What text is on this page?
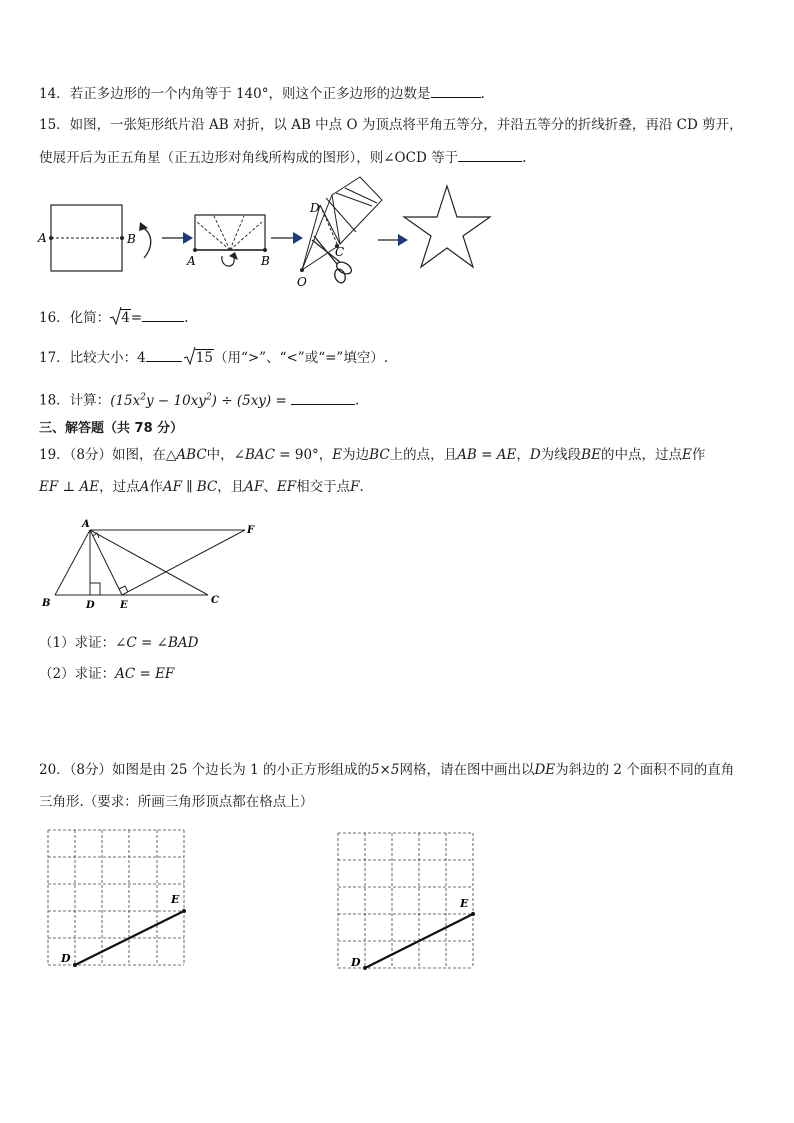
14．若正多边形的一个内角等于 140°，则这个正多边形的边数是	.
15．如图，一张矩形纸片沿 AB 对折，以 AB 中点 O 为顶点将平角五等分，并沿五等分的折线折叠，再沿 CD 剪开，
使展开后为正五角星（正五边形对角线所构成的图形），则∠OCD 等于	.
A	B
A	B
D
C
O
16．化简： 4=	.
17．比较大小：4	15（用“>”、“<”或“=”填空）.
18．计算：$(15x^2y - 10xy^2) \div (5xy)$ =	.
三、解答题（共 78 分）
19．（8分）如图，在△ABC中，∠BAC = 90°，E为边BC上的点，且AB = AE，D为线段BE的中点，过点E作
EF ⊥ AE，过点A作AF ∥ BC，且AF、EF相交于点F.
A
F
B	D	E	C
（1）求证：∠C = ∠BAD
（2）求证：AC = EF
20．（8分）如图是由 25 个边长为 1 的小正方形组成的5×5网格，请在图中画出以DE为斜边的 2 个面积不同的直角
三角形.（要求：所画三角形顶点都在格点上）
D
E
D
E
